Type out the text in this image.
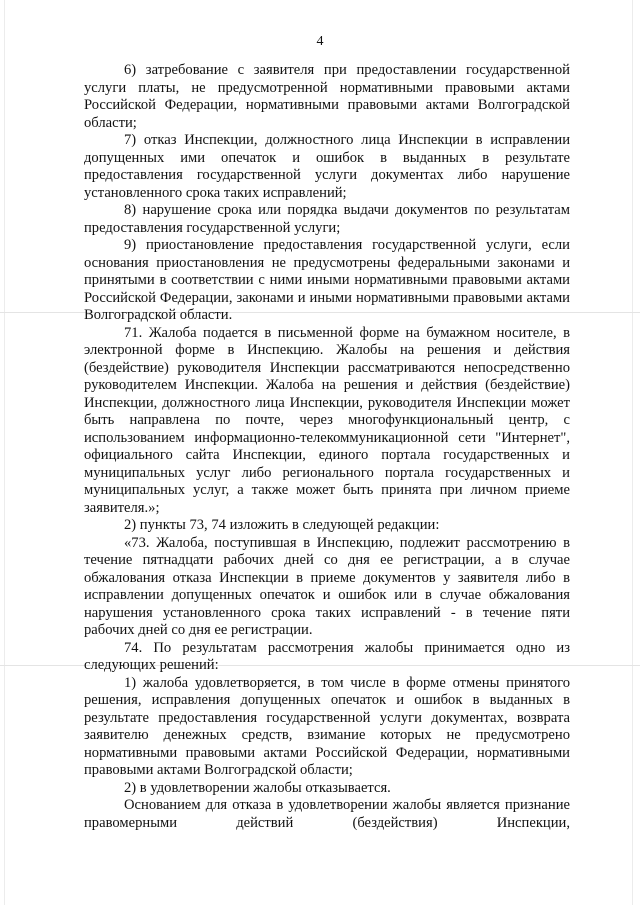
4

6) затребование с заявителя при предоставлении государственной услуги платы, не предусмотренной нормативными правовыми актами Российской Федерации, нормативными правовыми актами Волгоградской области;

7) отказ Инспекции, должностного лица Инспекции в исправлении допущенных ими опечаток и ошибок в выданных в результате предоставления государственной услуги документах либо нарушение установленного срока таких исправлений;

8) нарушение срока или порядка выдачи документов по результатам предоставления государственной услуги;

9) приостановление предоставления государственной услуги, если основания приостановления не предусмотрены федеральными законами и принятыми в соответствии с ними иными нормативными правовыми актами Российской Федерации, законами и иными нормативными правовыми актами Волгоградской области.

71. Жалоба подается в письменной форме на бумажном носителе, в электронной форме в Инспекцию. Жалобы на решения и действия (бездействие) руководителя Инспекции рассматриваются непосредственно руководителем Инспекции. Жалоба на решения и действия (бездействие) Инспекции, должностного лица Инспекции, руководителя Инспекции может быть направлена по почте, через многофункциональный центр, с использованием информационно-телекоммуникационной сети "Интернет", официального сайта Инспекции, единого портала государственных и муниципальных услуг либо регионального портала государственных и муниципальных услуг, а также может быть принята при личном приеме заявителя.»;

2) пункты 73, 74 изложить в следующей редакции:

«73. Жалоба, поступившая в Инспекцию, подлежит рассмотрению в течение пятнадцати рабочих дней со дня ее регистрации, а в случае обжалования отказа Инспекции в приеме документов у заявителя либо в исправлении допущенных опечаток и ошибок или в случае обжалования нарушения установленного срока таких исправлений - в течение пяти рабочих дней со дня ее регистрации.

74. По результатам рассмотрения жалобы принимается одно из следующих решений:

1) жалоба удовлетворяется, в том числе в форме отмены принятого решения, исправления допущенных опечаток и ошибок в выданных в результате предоставления государственной услуги документах, возврата заявителю денежных средств, взимание которых не предусмотрено нормативными правовыми актами Российской Федерации, нормативными правовыми актами Волгоградской области;

2) в удовлетворении жалобы отказывается.

Основанием для отказа в удовлетворении жалобы является признание правомерными действий (бездействия) Инспекции,
